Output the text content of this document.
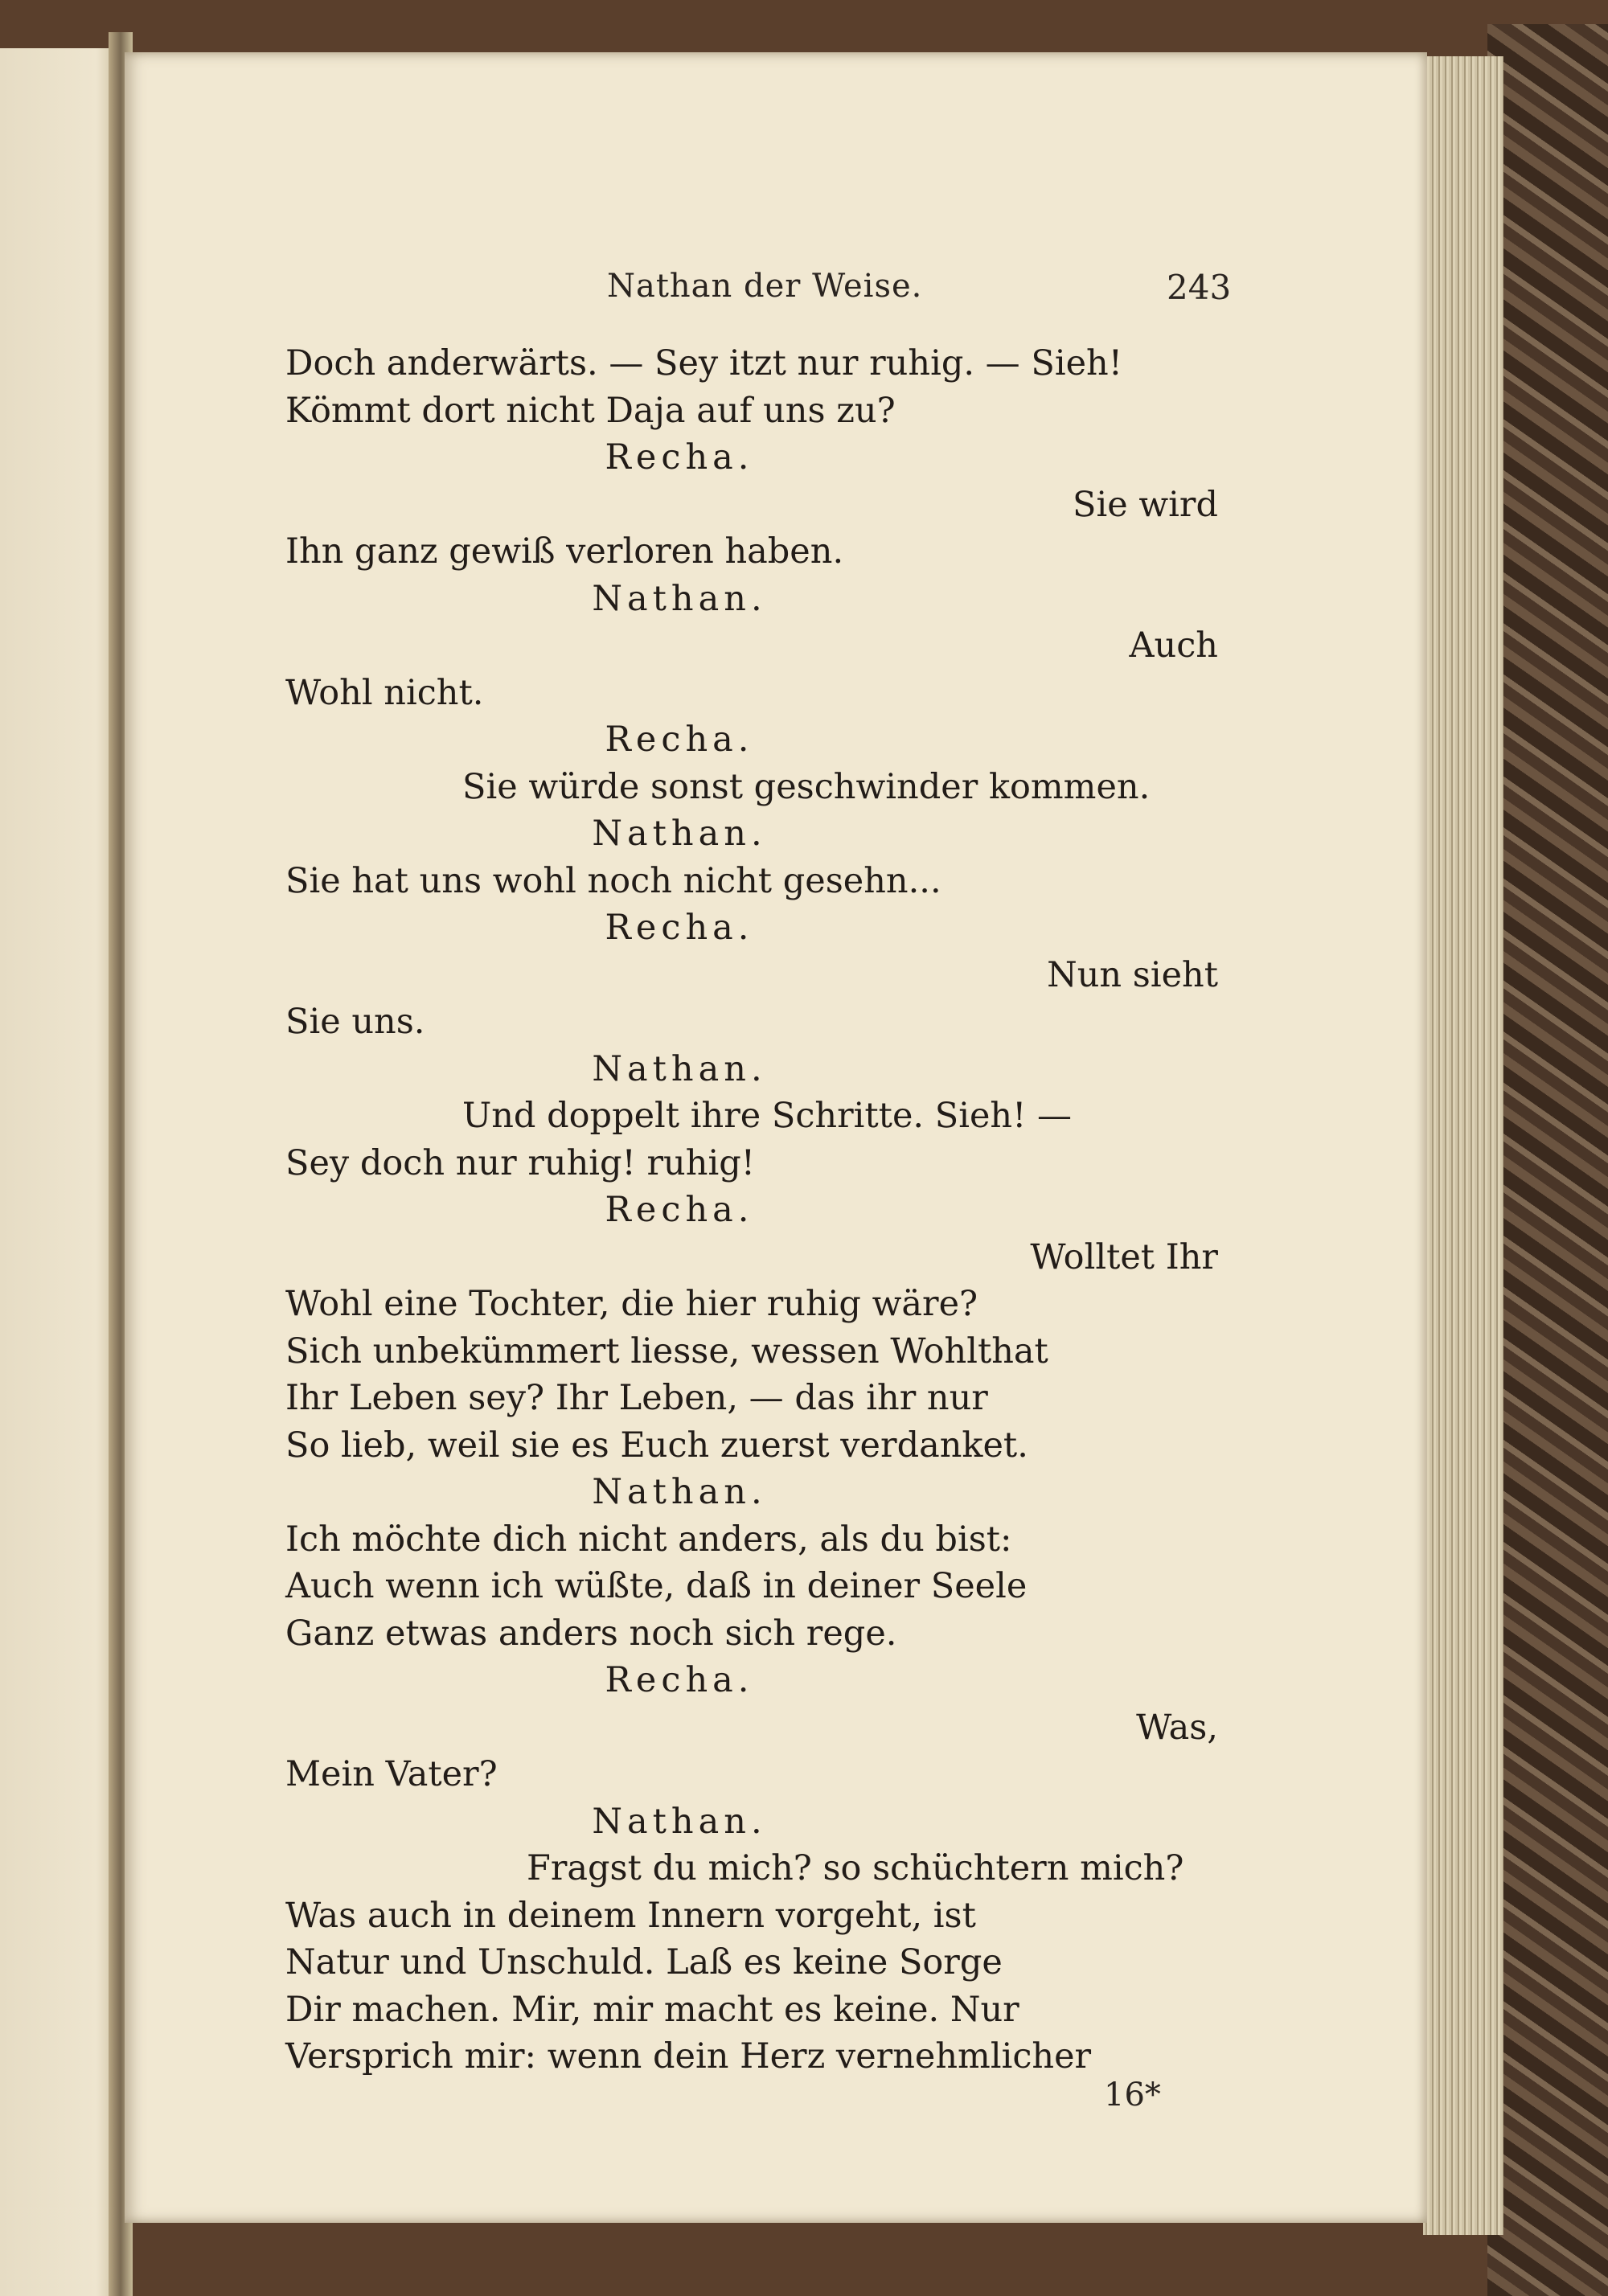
Nathan der Weise.	243
Doch anderwärts. — Sey itzt nur ruhig. — Sieh!
Kömmt dort nicht Daja auf uns zu?
Recha.
Sie wird
Ihn ganz gewiß verloren haben.
Nathan.
Auch
Wohl nicht.
Recha.
Sie würde sonst geschwinder kommen.
Nathan.
Sie hat uns wohl noch nicht gesehn...
Recha.
Nun sieht
Sie uns.
Nathan.
Und doppelt ihre Schritte. Sieh! —
Sey doch nur ruhig! ruhig!
Recha.
Wolltet Ihr
Wohl eine Tochter, die hier ruhig wäre?
Sich unbekümmert liesse, wessen Wohlthat
Ihr Leben sey? Ihr Leben, — das ihr nur
So lieb, weil sie es Euch zuerst verdanket.
Nathan.
Ich möchte dich nicht anders, als du bist:
Auch wenn ich wüßte, daß in deiner Seele
Ganz etwas anders noch sich rege.
Recha.
Was,
Mein Vater?
Nathan.
Fragst du mich? so schüchtern mich?
Was auch in deinem Innern vorgeht, ist
Natur und Unschuld. Laß es keine Sorge
Dir machen. Mir, mir macht es keine. Nur
Versprich mir: wenn dein Herz vernehmlicher
16*
